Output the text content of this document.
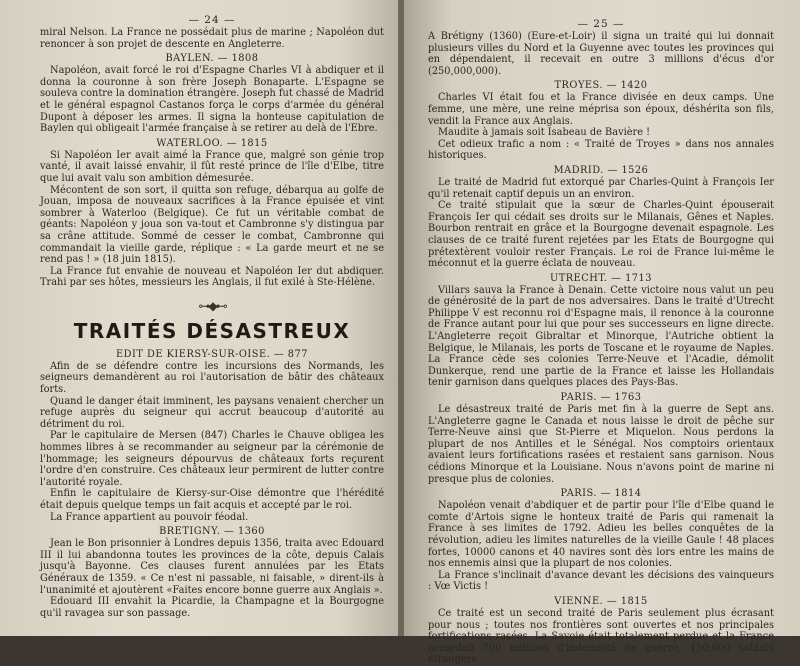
— 24 —

miral Nelson. La France ne possédait plus de marine ; Napoléon dut renoncer à son projet de descente en Angleterre.

BAYLEN. — 1808

Napoléon, avait forcé le roi d'Espagne Charles VI à abdiquer et il donna la couronne à son frère Joseph Bonaparte. L'Espagne se souleva contre la domination étrangère. Joseph fut chassé de Madrid et le général espagnol Castanos força le corps d'armée du général Dupont à déposer les armes. Il signa la honteuse capitulation de Baylen qui obligeait l'armée française à se retirer au delà de l'Ebre.

WATERLOO. — 1815

Si Napoléon Ier avait aimé la France que, malgré son génie trop vanté, il avait laissé envahir, il fût resté prince de l'île d'Elbe, titre que lui avait valu son ambition démesurée.

Mécontent de son sort, il quitta son refuge, débarqua au golfe de Jouan, imposa de nouveaux sacrifices à la France épuisée et vint sombrer à Waterloo (Belgique). Ce fut un véritable combat de géants: Napoléon y joua son va-tout et Cambronne s'y distingua par sa crâne attitude. Sommé de cesser le combat, Cambronne qui commandait la vieille garde, réplique : « La garde meurt et ne se rend pas ! » (18 juin 1815).

La France fut envahie de nouveau et Napoléon Ier dut abdiquer. Trahi par ses hôtes, messieurs les Anglais, il fut exilé à Ste-Hélène.

⊶◆⊷
TRAITÉS DÉSASTREUX
EDIT DE KIERSY-SUR-OISE. — 877

Afin de se défendre contre les incursions des Normands, les seigneurs demandèrent au roi l'autorisation de bâtir des châteaux forts.

Quand le danger était imminent, les paysans venaient chercher un refuge auprès du seigneur qui accrut beaucoup d'autorité au détriment du roi.

Par le capitulaire de Mersen (847) Charles le Chauve obligea les hommes libres à se recommander au seigneur par la cérémonie de l'hommage; les seigneurs dépourvus de châteaux forts reçurent l'ordre d'en construire. Ces châteaux leur permirent de lutter contre l'autorité royale.

Enfin le capitulaire de Kiersy-sur-Oise démontre que l'hérédité était depuis quelque temps un fait acquis et accepté par le roi.

La France appartient au pouvoir féodal.

BRETIGNY. — 1360

Jean le Bon prisonnier à Londres depuis 1356, traita avec Edouard III il lui abandonna toutes les provinces de la côte, depuis Calais jusqu'à Bayonne. Ces clauses furent annulées par les Etats Généraux de 1359. « Ce n'est ni passable, ni faisable, » dirent-ils à l'unanimité et ajoutèrent «Faites encore bonne guerre aux Anglais ».

Edouard III envahit la Picardie, la Champagne et la Bourgogne qu'il ravagea sur son passage.

— 25 —

A Brétigny (1360) (Eure-et-Loir) il signa un traité qui lui donnait plusieurs villes du Nord et la Guyenne avec toutes les provinces qui en dépendaient, il recevait en outre 3 millions d'écus d'or (250,000,000).

TROYES. — 1420

Charles VI était fou et la France divisée en deux camps. Une femme, une mère, une reine méprisa son époux, déshérita son fils, vendit la France aux Anglais.

Maudite à jamais soit Isabeau de Bavière !

Cet odieux trafic a nom : « Traité de Troyes » dans nos annales historiques.

MADRID. — 1526

Le traité de Madrid fut extorqué par Charles-Quint à François Ier qu'il retenait captif depuis un an environ.

Ce traité stipulait que la sœur de Charles-Quint épouserait François Ier qui cédait ses droits sur le Milanais, Gênes et Naples. Bourbon rentrait en grâce et la Bourgogne devenait espagnole. Les clauses de ce traité furent rejetées par les Etats de Bourgogne qui prétextèrent vouloir rester Français. Le roi de France lui-même le méconnut et la guerre éclata de nouveau.

UTRECHT. — 1713

Villars sauva la France à Denain. Cette victoire nous valut un peu de générosité de la part de nos adversaires. Dans le traité d'Utrecht Philippe V est reconnu roi d'Espagne mais, il renonce à la couronne de France autant pour lui que pour ses successeurs en ligne directe. L'Angleterre reçoit Gibraltar et Minorque, l'Autriche obtient la Belgique, le Milanais, les ports de Toscane et le royaume de Naples. La France cède ses colonies Terre-Neuve et l'Acadie, démolit Dunkerque, rend une partie de la France et laisse les Hollandais tenir garnison dans quelques places des Pays-Bas.

PARIS. — 1763

Le désastreux traité de Paris met fin à la guerre de Sept ans. L'Angleterre gagne le Canada et nous laisse le droit de pêche sur Terre-Neuve ainsi que St-Pierre et Miquelon. Nous perdons la plupart de nos Antilles et le Sénégal. Nos comptoirs orientaux avaient leurs fortifications rasées et restaient sans garnison. Nous cédions Minorque et la Louisiane. Nous n'avons point de marine ni presque plus de colonies.

PARIS. — 1814

Napoléon venait d'abdiquer et de partir pour l'île d'Elbe quand le comte d'Artois signe le honteux traité de Paris qui ramenait la France à ses limites de 1792. Adieu les belles conquêtes de la révolution, adieu les limites naturelles de la vieille Gaule ! 48 places fortes, 10000 canons et 40 navires sont dès lors entre les mains de nos ennemis ainsi que la plupart de nos colonies.

La France s'inclinait d'avance devant les décisions des vainqueurs : Vœ Victis !

VIENNE. — 1815

Ce traité est un second traité de Paris seulement plus écrasant pour nous ; toutes nos frontières sont ouvertes et nos principales fortifications rasées. La Savoie était totalement perdue et la France accordait 700 millions d'indemnité de guerre, 150,000 soldats étrangers
